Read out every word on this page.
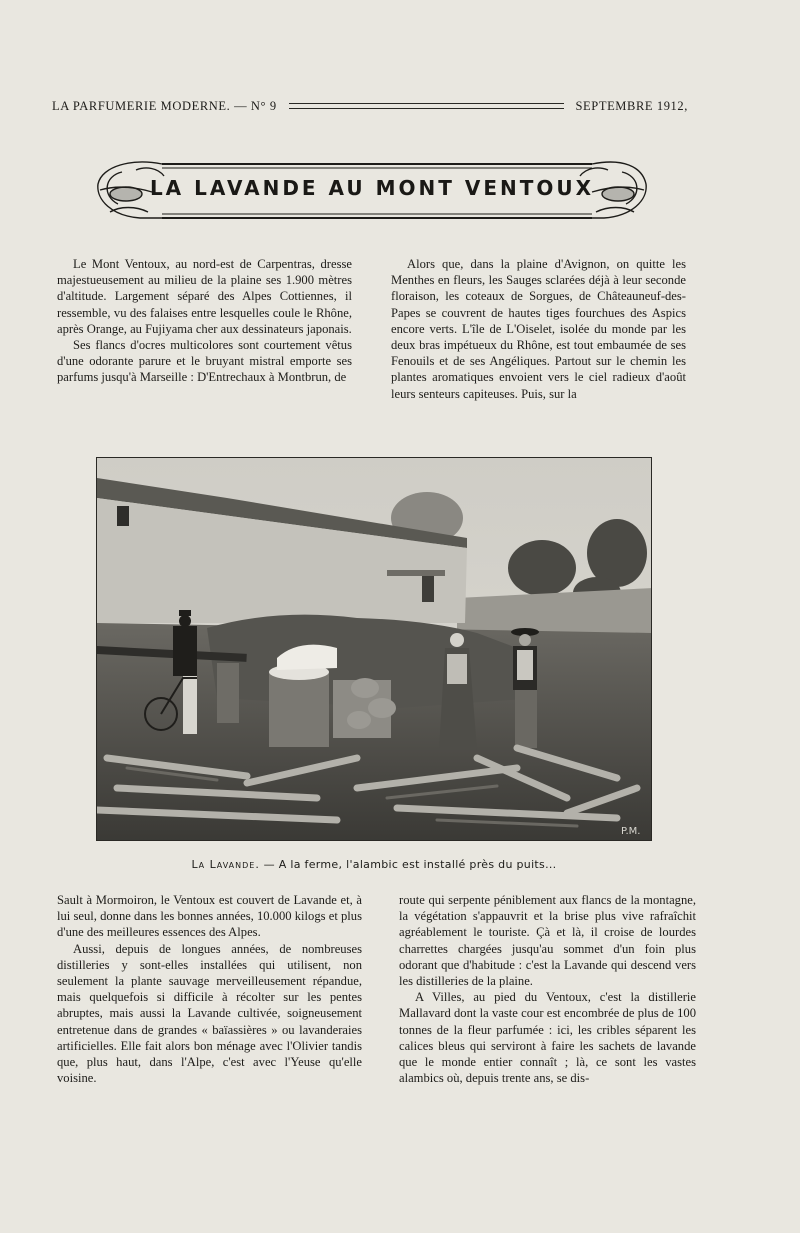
LA PARFUMERIE MODERNE. — N° 9	SEPTEMBRE 1912,
LA LAVANDE AU MONT VENTOUX

Le Mont Ventoux, au nord-est de Carpentras, dresse majestueusement au milieu de la plaine ses 1.900 mètres d'altitude. Largement séparé des Alpes Cottiennes, il ressemble, vu des falaises entre lesquelles coule le Rhône, après Orange, au Fujiyama cher aux dessinateurs japonais.

Ses flancs d'ocres multicolores sont courtement vêtus d'une odorante parure et le bruyant mistral emporte ses parfums jusqu'à Marseille : D'Entrechaux à Montbrun, de

Alors que, dans la plaine d'Avignon, on quitte les Menthes en fleurs, les Sauges sclarées déjà à leur seconde floraison, les coteaux de Sorgues, de Châteauneuf-des-Papes se couvrent de hautes tiges fourchues des Aspics encore verts. L'île de L'Oiselet, isolée du monde par les deux bras impétueux du Rhône, est tout embaumée de ses Fenouils et de ses Angéliques. Partout sur le chemin les plantes aromatiques envoient vers le ciel radieux d'août leurs senteurs capiteuses. Puis, sur la

P.M.
La Lavande. — A la ferme, l'alambic est installé près du puits...

Sault à Mormoiron, le Ventoux est couvert de Lavande et, à lui seul, donne dans les bonnes années, 10.000 kilogs et plus d'une des meilleures essences des Alpes.

Aussi, depuis de longues années, de nombreuses distilleries y sont-elles installées qui utilisent, non seulement la plante sauvage merveilleusement répandue, mais quelquefois si difficile à récolter sur les pentes abruptes, mais aussi la Lavande cultivée, soigneusement entretenue dans de grandes « baïassières » ou lavanderaies artificielles. Elle fait alors bon ménage avec l'Olivier tandis que, plus haut, dans l'Alpe, c'est avec l'Yeuse qu'elle voisine.

route qui serpente péniblement aux flancs de la montagne, la végétation s'appauvrit et la brise plus vive rafraîchit agréablement le touriste. Çà et là, il croise de lourdes charrettes chargées jusqu'au sommet d'un foin plus odorant que d'habitude : c'est la Lavande qui descend vers les distilleries de la plaine.

A Villes, au pied du Ventoux, c'est la distillerie Mallavard dont la vaste cour est encombrée de plus de 100 tonnes de la fleur parfumée : ici, les cribles séparent les calices bleus qui serviront à faire les sachets de lavande que le monde entier connaît ; là, ce sont les vastes alambics où, depuis trente ans, se dis-
